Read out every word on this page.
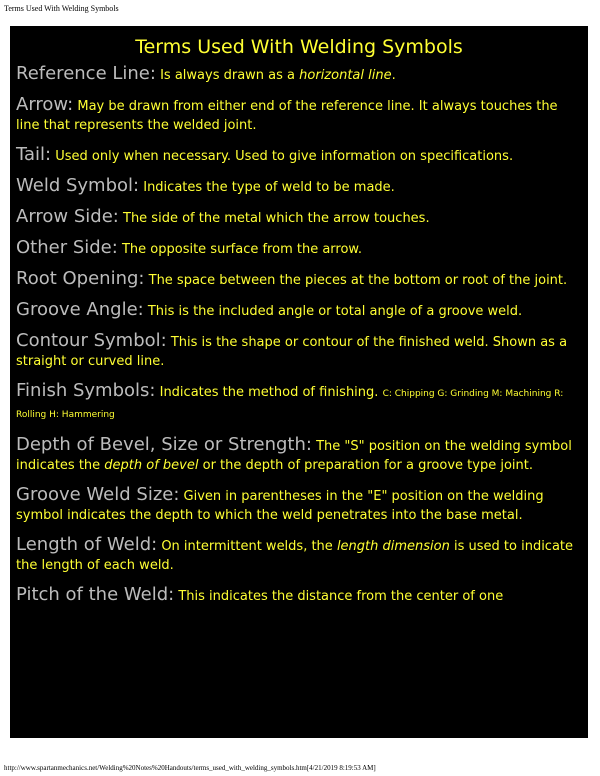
Terms Used With Welding Symbols
Terms Used With Welding Symbols
Reference Line: Is always drawn as a horizontal line.
Arrow: May be drawn from either end of the reference line. It always touches the line that represents the welded joint.
Tail: Used only when necessary. Used to give information on specifications.
Weld Symbol: Indicates the type of weld to be made.
Arrow Side: The side of the metal which the arrow touches.
Other Side: The opposite surface from the arrow.
Root Opening: The space between the pieces at the bottom or root of the joint.
Groove Angle: This is the included angle or total angle of a groove weld.
Contour Symbol: This is the shape or contour of the finished weld. Shown as a straight or curved line.
Finish Symbols: Indicates the method of finishing. C: Chipping G: Grinding M: Machining R: Rolling H: Hammering
Depth of Bevel, Size or Strength: The "S" position on the welding symbol indicates the depth of bevel or the depth of preparation for a groove type joint.
Groove Weld Size: Given in parentheses in the "E" position on the welding symbol indicates the depth to which the weld penetrates into the base metal.
Length of Weld: On intermittent welds, the length dimension is used to indicate the length of each weld.
Pitch of the Weld: This indicates the distance from the center of one
http://www.spartanmechanics.net/Welding%20Notes%20Handouts/terms_used_with_welding_symbols.htm[4/21/2019 8:19:53 AM]
